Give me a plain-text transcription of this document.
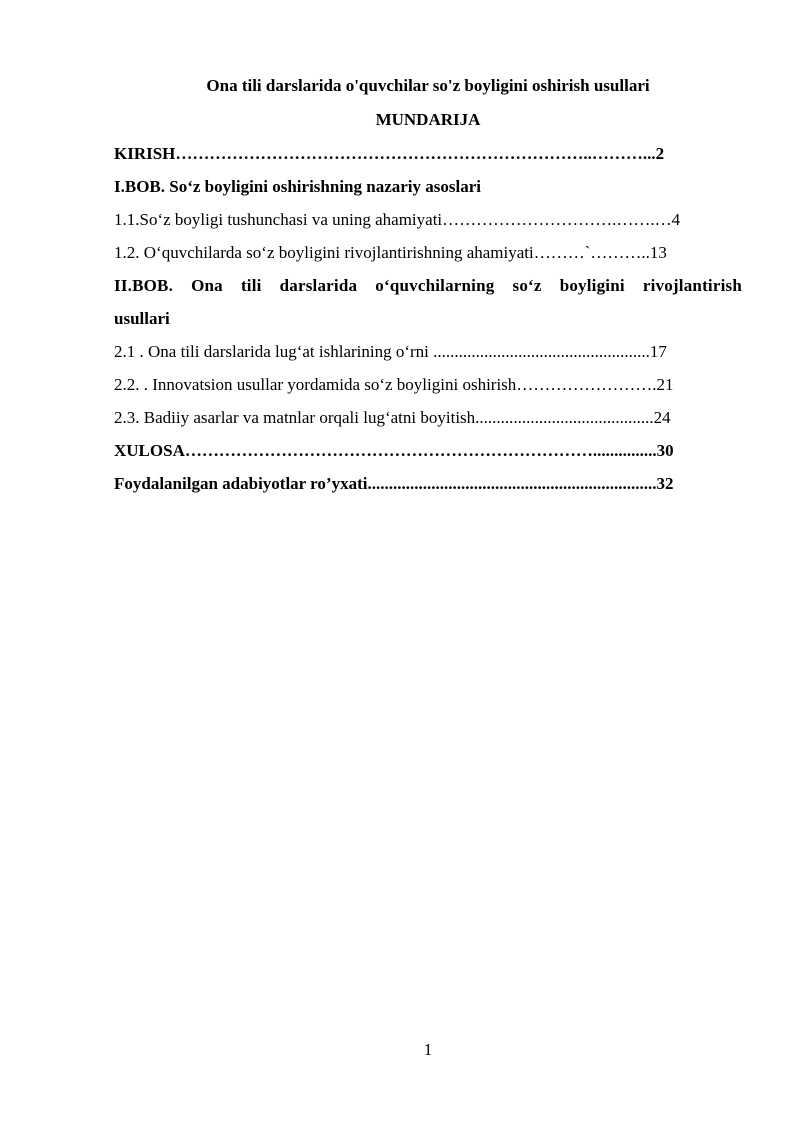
Ona tili darslarida o'quvchilar so'z boyligini oshirish usullari
MUNDARIJA
KIRISH………………………………………………………………..………...2
I.BOB. So‘z boyligini oshirishning nazariy asoslari
1.1.So‘z boyligi tushunchasi va uning ahamiyati………………………….…….…4
1.2. O‘quvchilarda so‘z boyligini rivojlantirishning ahamiyati………`………..13
II.BOB. Ona tili darslarida o‘quvchilarning so‘z boyligini rivojlantirish
usullari
2.1 . Ona tili darslarida lug‘at ishlarining o‘rni ...................................................17
2.2. . Innovatsion usullar yordamida so‘z boyligini oshirish…………………….21
2.3. Badiiy asarlar va matnlar orqali lug‘atni boyitish..........................................24
XULOSA………………………………………………………………...............30
Foydalanilgan adabiyotlar ro’yxati....................................................................32
1
